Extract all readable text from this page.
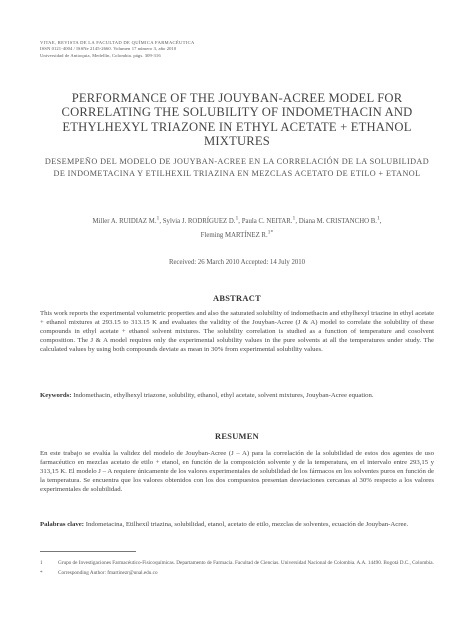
VITAE, REVISTA DE LA FACULTAD DE QUÍMICA FARMACÉUTICA
ISSN 0121-4004 / ISSNe 2145-2660. Volumen 17 número 3, año 2010
Universidad de Antioquia, Medellín, Colombia. págs. 309-316
PERFORMANCE OF THE JOUYBAN-ACREE MODEL FOR CORRELATING THE SOLUBILITY OF INDOMETHACIN AND ETHYLHEXYL TRIAZONE IN ETHYL ACETATE + ETHANOL MIXTURES
DESEMPEÑO DEL MODELO DE JOUYBAN-ACREE EN LA CORRELACIÓN DE LA SOLUBILIDAD DE INDOMETACINA Y ETILHEXIL TRIAZINA EN MEZCLAS ACETATO DE ETILO + ETANOL
Miller A. RUIDIAZ M.$^1$, Sylvia J. RODRÍGUEZ D.$^1$, Paula C. NEITAR.$^1$, Diana M. CRISTANCHO B.$^1$,
Fleming MARTÍNEZ R.$^{1*}$
Received: 26 March 2010 Accepted: 14 July 2010
ABSTRACT
This work reports the experimental volumetric properties and also the saturated solubility of indomethacin and ethylhexyl triazine in ethyl acetate + ethanol mixtures at 293.15 to 313.15 K and evaluates the validity of the Jouyban-Acree (J & A) model to correlate the solubility of these compounds in ethyl acetate + ethanol solvent mixtures. The solubility correlation is studied as a function of temperature and cosolvent composition. The J & A model requires only the experimental solubility values in the pure solvents at all the temperatures under study. The calculated values by using both compounds deviate as mean in 30% from experimental solubility values.
Keywords: Indomethacin, ethylhexyl triazone, solubility, ethanol, ethyl acetate, solvent mixtures, Jouyban-Acree equation.
RESUMEN
En este trabajo se evalúa la validez del modelo de Jouyban-Acree (J – A) para la correlación de la solubilidad de estos dos agentes de uso farmacéutico en mezclas acetato de etilo + etanol, en función de la composición solvente y de la temperatura, en el intervalo entre 293,15 y 313,15 K. El modelo J – A requiere únicamente de los valores experimentales de solubilidad de los fármacos en los solventes puros en función de la temperatura. Se encuentra que los valores obtenidos con los dos compuestos presentan desviaciones cercanas al 30% respecto a los valores experimentales de solubilidad.
Palabras clave: Indometacina, Etilhexil triazina, solubilidad, etanol, acetato de etilo, mezclas de solventes, ecuación de Jouyban-Acree.
1	Grupo de Investigaciones Farmacéutico-Fisicoquímicas. Departamento de Farmacia. Facultad de Ciencias. Universidad Nacional de Colombia. A.A. 14490. Bogotá D.C., Colombia.
*	Corresponding Author: fmartinezr@unal.edu.co
